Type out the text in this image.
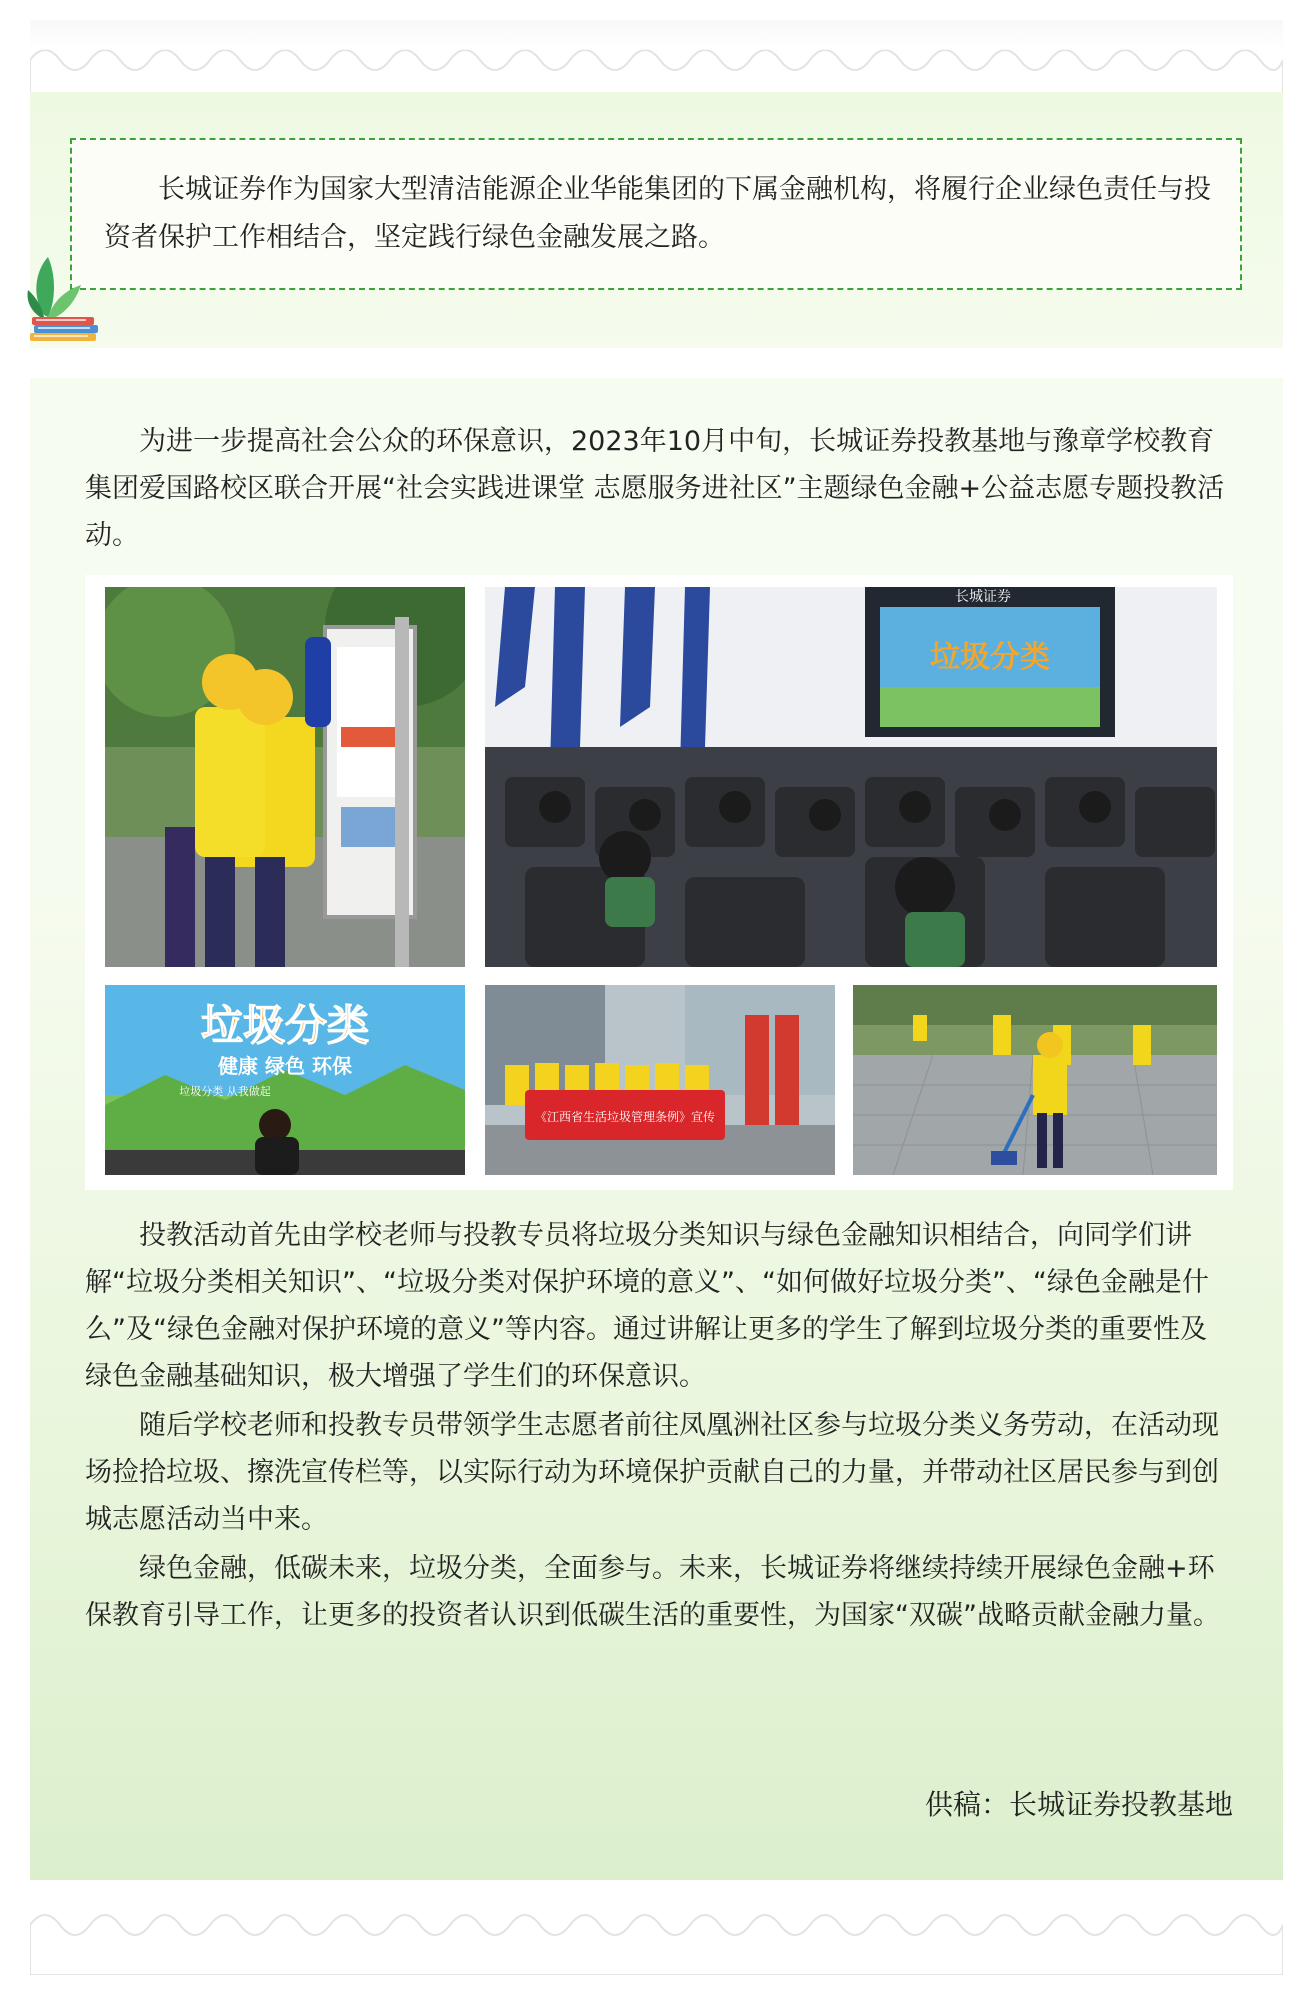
长城证券作为国家大型清洁能源企业华能集团的下属金融机构，将履行企业绿色责任与投资者保护工作相结合，坚定践行绿色金融发展之路。

为进一步提高社会公众的环保意识，2023年10月中旬，长城证券投教基地与豫章学校教育集团爱国路校区联合开展“社会实践进课堂 志愿服务进社区”主题绿色金融+公益志愿专题投教活动。

垃圾分类
长城证券
垃圾分类
健康 绿色 环保
垃圾分类 从我做起
《江西省生活垃圾管理条例》宣传

投教活动首先由学校老师与投教专员将垃圾分类知识与绿色金融知识相结合，向同学们讲解“垃圾分类相关知识”、“垃圾分类对保护环境的意义”、“如何做好垃圾分类”、“绿色金融是什么”及“绿色金融对保护环境的意义”等内容。通过讲解让更多的学生了解到垃圾分类的重要性及绿色金融基础知识，极大增强了学生们的环保意识。

随后学校老师和投教专员带领学生志愿者前往凤凰洲社区参与垃圾分类义务劳动，在活动现场捡拾垃圾、擦洗宣传栏等，以实际行动为环境保护贡献自己的力量，并带动社区居民参与到创城志愿活动当中来。

绿色金融，低碳未来，垃圾分类，全面参与。未来，长城证券将继续持续开展绿色金融+环保教育引导工作，让更多的投资者认识到低碳生活的重要性，为国家“双碳”战略贡献金融力量。

供稿：长城证券投教基地
